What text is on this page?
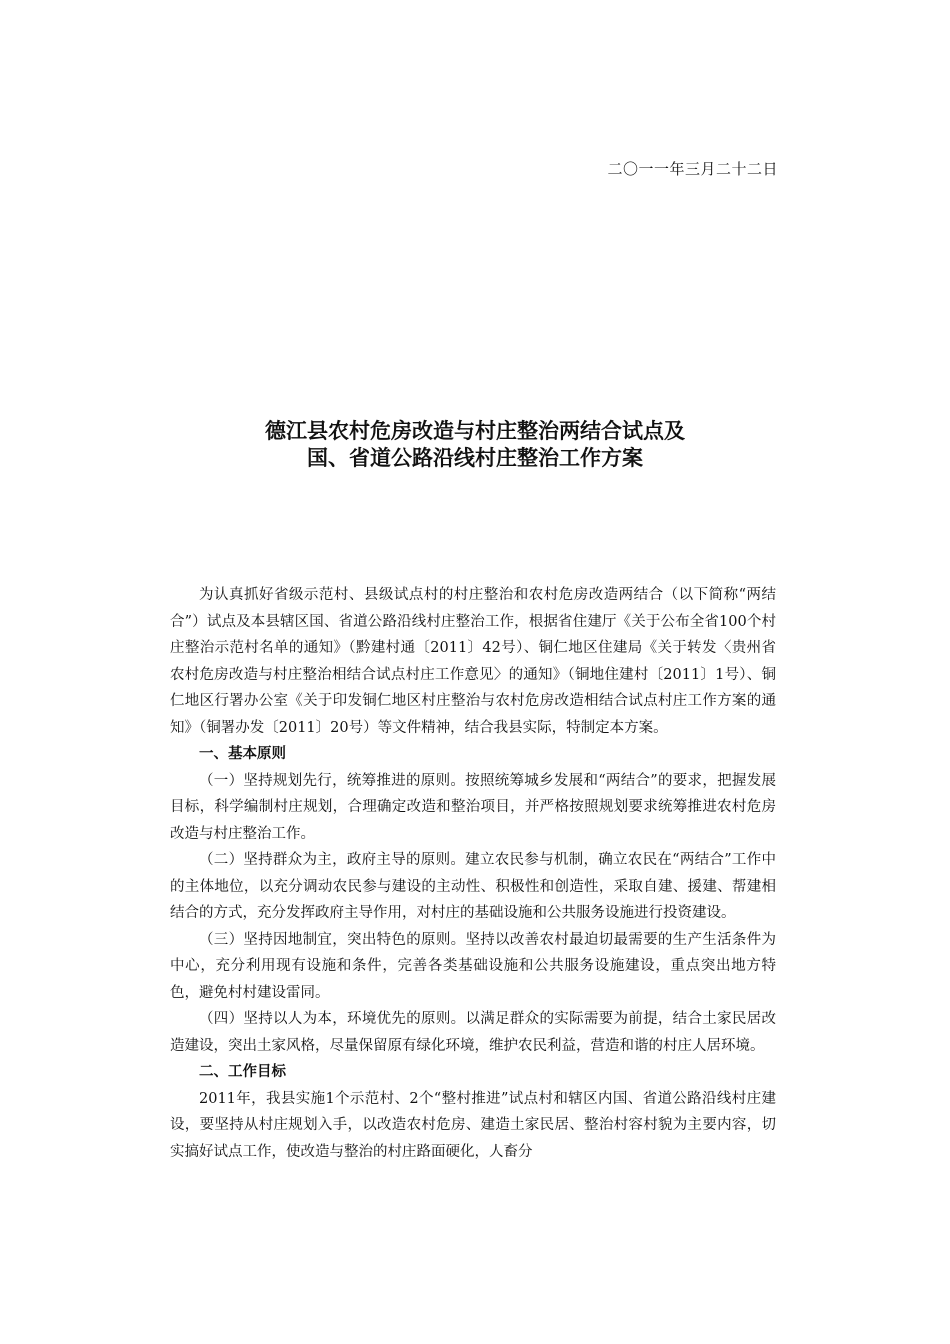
二〇一一年三月二十二日
德江县农村危房改造与村庄整治两结合试点及
国、省道公路沿线村庄整治工作方案

为认真抓好省级示范村、县级试点村的村庄整治和农村危房改造两结合（以下简称“两结合”）试点及本县辖区国、省道公路沿线村庄整治工作，根据省住建厅《关于公布全省100个村庄整治示范村名单的通知》（黔建村通〔2011〕42号）、铜仁地区住建局《关于转发〈贵州省农村危房改造与村庄整治相结合试点村庄工作意见〉的通知》（铜地住建村〔2011〕1号）、铜仁地区行署办公室《关于印发铜仁地区村庄整治与农村危房改造相结合试点村庄工作方案的通知》（铜署办发〔2011〕20号）等文件精神，结合我县实际，特制定本方案。

一、基本原则

（一）坚持规划先行，统筹推进的原则。按照统筹城乡发展和“两结合”的要求，把握发展目标，科学编制村庄规划，合理确定改造和整治项目，并严格按照规划要求统筹推进农村危房改造与村庄整治工作。

（二）坚持群众为主，政府主导的原则。建立农民参与机制，确立农民在“两结合”工作中的主体地位，以充分调动农民参与建设的主动性、积极性和创造性，采取自建、援建、帮建相结合的方式，充分发挥政府主导作用，对村庄的基础设施和公共服务设施进行投资建设。

（三）坚持因地制宜，突出特色的原则。坚持以改善农村最迫切最需要的生产生活条件为中心，充分利用现有设施和条件，完善各类基础设施和公共服务设施建设，重点突出地方特色，避免村村建设雷同。

（四）坚持以人为本，环境优先的原则。以满足群众的实际需要为前提，结合土家民居改造建设，突出土家风格，尽量保留原有绿化环境，维护农民利益，营造和谐的村庄人居环境。

二、工作目标

2011年，我县实施1个示范村、2个“整村推进”试点村和辖区内国、省道公路沿线村庄建设，要坚持从村庄规划入手，以改造农村危房、建造土家民居、整治村容村貌为主要内容，切实搞好试点工作，使改造与整治的村庄路面硬化，人畜分
